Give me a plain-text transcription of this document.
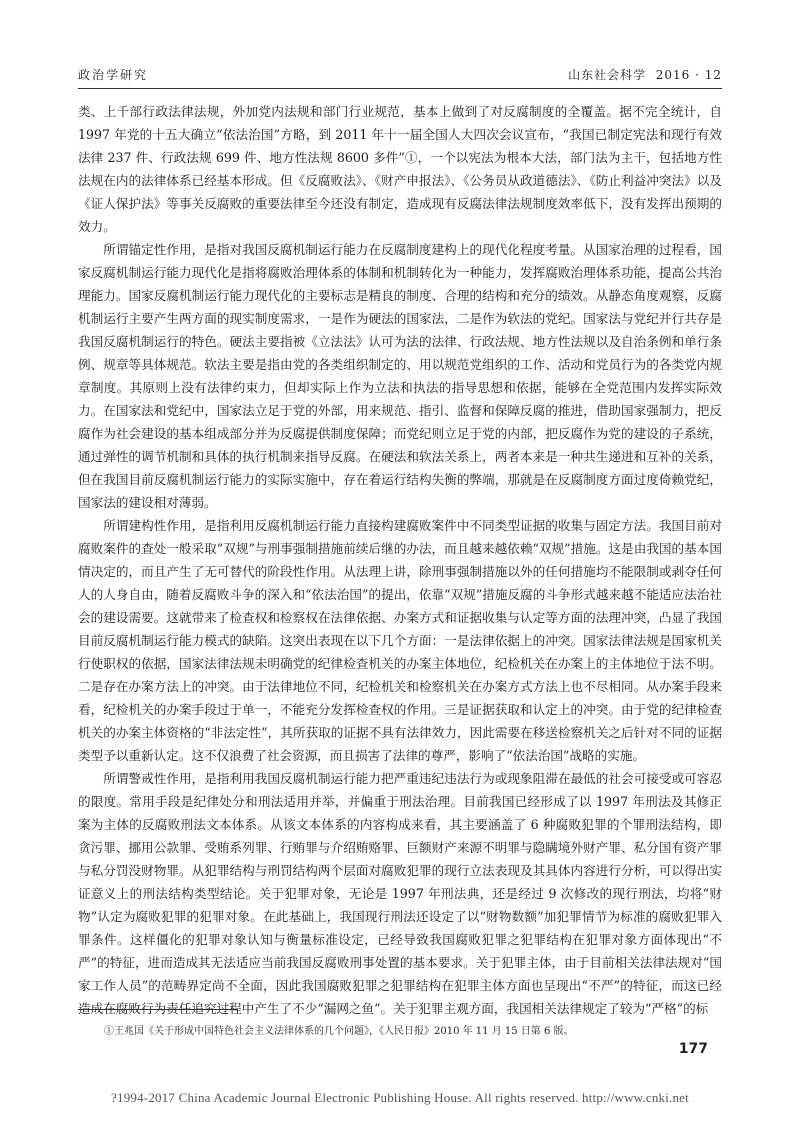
政治学研究	山东社会科学 2016 · 12

类、上千部行政法律法规，外加党内法规和部门行业规范，基本上做到了对反腐制度的全覆盖。据不完全统计，自 1997 年党的十五大确立“依法治国”方略，到 2011 年十一届全国人大四次会议宣布，“我国已制定宪法和现行有效法律 237 件、行政法规 699 件、地方性法规 8600 多件”①，一个以宪法为根本大法，部门法为主干，包括地方性法规在内的法律体系已经基本形成。但《反腐败法》、《财产申报法》、《公务员从政道德法》、《防止利益冲突法》以及《证人保护法》等事关反腐败的重要法律至今还没有制定，造成现有反腐法律法规制度效率低下，没有发挥出预期的效力。

所谓锚定性作用，是指对我国反腐机制运行能力在反腐制度建构上的现代化程度考量。从国家治理的过程看，国家反腐机制运行能力现代化是指将腐败治理体系的体制和机制转化为一种能力，发挥腐败治理体系功能，提高公共治理能力。国家反腐机制运行能力现代化的主要标志是精良的制度、合理的结构和充分的绩效。从静态角度观察，反腐机制运行主要产生两方面的现实制度需求，一是作为硬法的国家法，二是作为软法的党纪。国家法与党纪并行共存是我国反腐机制运行的特色。硬法主要指被《立法法》认可为法的法律、行政法规、地方性法规以及自治条例和单行条例、规章等具体规范。软法主要是指由党的各类组织制定的、用以规范党组织的工作、活动和党员行为的各类党内规章制度。其原则上没有法律约束力，但却实际上作为立法和执法的指导思想和依据，能够在全党范围内发挥实际效力。在国家法和党纪中，国家法立足于党的外部，用来规范、指引、监督和保障反腐的推进，借助国家强制力，把反腐作为社会建设的基本组成部分并为反腐提供制度保障；而党纪则立足于党的内部，把反腐作为党的建设的子系统，通过弹性的调节机制和具体的执行机制来指导反腐。在硬法和软法关系上，两者本来是一种共生递进和互补的关系，但在我国目前反腐机制运行能力的实际实施中，存在着运行结构失衡的弊端，那就是在反腐制度方面过度倚赖党纪，国家法的建设相对薄弱。

所谓建构性作用，是指利用反腐机制运行能力直接构建腐败案件中不同类型证据的收集与固定方法。我国目前对腐败案件的查处一般采取“双规”与刑事强制措施前续后继的办法，而且越来越依赖“双规”措施。这是由我国的基本国情决定的，而且产生了无可替代的阶段性作用。从法理上讲，除刑事强制措施以外的任何措施均不能限制或剥夺任何人的人身自由，随着反腐败斗争的深入和“依法治国”的提出，依靠“双规”措施反腐的斗争形式越来越不能适应法治社会的建设需要。这就带来了检查权和检察权在法律依据、办案方式和证据收集与认定等方面的法理冲突，凸显了我国目前反腐机制运行能力模式的缺陷。这突出表现在以下几个方面：一是法律依据上的冲突。国家法律法规是国家机关行使职权的依据，国家法律法规未明确党的纪律检查机关的办案主体地位，纪检机关在办案上的主体地位于法不明。二是存在办案方法上的冲突。由于法律地位不同，纪检机关和检察机关在办案方式方法上也不尽相同。从办案手段来看，纪检机关的办案手段过于单一，不能充分发挥检查权的作用。三是证据获取和认定上的冲突。由于党的纪律检查机关的办案主体资格的“非法定性”，其所获取的证据不具有法律效力，因此需要在移送检察机关之后针对不同的证据类型予以重新认定。这不仅浪费了社会资源，而且损害了法律的尊严，影响了“依法治国”战略的实施。

所谓警戒性作用，是指利用我国反腐机制运行能力把严重违纪违法行为或现象阻滞在最低的社会可接受或可容忍的限度。常用手段是纪律处分和刑法适用并举，并偏重于刑法治理。目前我国已经形成了以 1997 年刑法及其修正案为主体的反腐败刑法文本体系。从该文本体系的内容构成来看，其主要涵盖了 6 种腐败犯罪的个罪刑法结构，即贪污罪、挪用公款罪、受贿系列罪、行贿罪与介绍贿赂罪、巨额财产来源不明罪与隐瞒境外财产罪、私分国有资产罪与私分罚没财物罪。从犯罪结构与刑罚结构两个层面对腐败犯罪的现行立法表现及其具体内容进行分析，可以得出实证意义上的刑法结构类型结论。关于犯罪对象，无论是 1997 年刑法典，还是经过 9 次修改的现行刑法，均将“财物”认定为腐败犯罪的犯罪对象。在此基础上，我国现行刑法还设定了以“财物数额”加犯罪情节为标准的腐败犯罪入罪条件。这样僵化的犯罪对象认知与衡量标准设定，已经导致我国腐败犯罪之犯罪结构在犯罪对象方面体现出“不严”的特征，进而造成其无法适应当前我国反腐败刑事处置的基本要求。关于犯罪主体，由于目前相关法律法规对“国家工作人员”的范畴界定尚不全面，因此我国腐败犯罪之犯罪结构在犯罪主体方面也呈现出“不严”的特征，而这已经造成在腐败行为责任追究过程中产生了不少“漏网之鱼”。关于犯罪主观方面，我国相关法律规定了较为“严格”的标

①王兆国《关于形成中国特色社会主义法律体系的几个问题》，《人民日报》2010 年 11 月 15 日第 6 版。
177
?1994-2017 China Academic Journal Electronic Publishing House. All rights reserved. http://www.cnki.net
